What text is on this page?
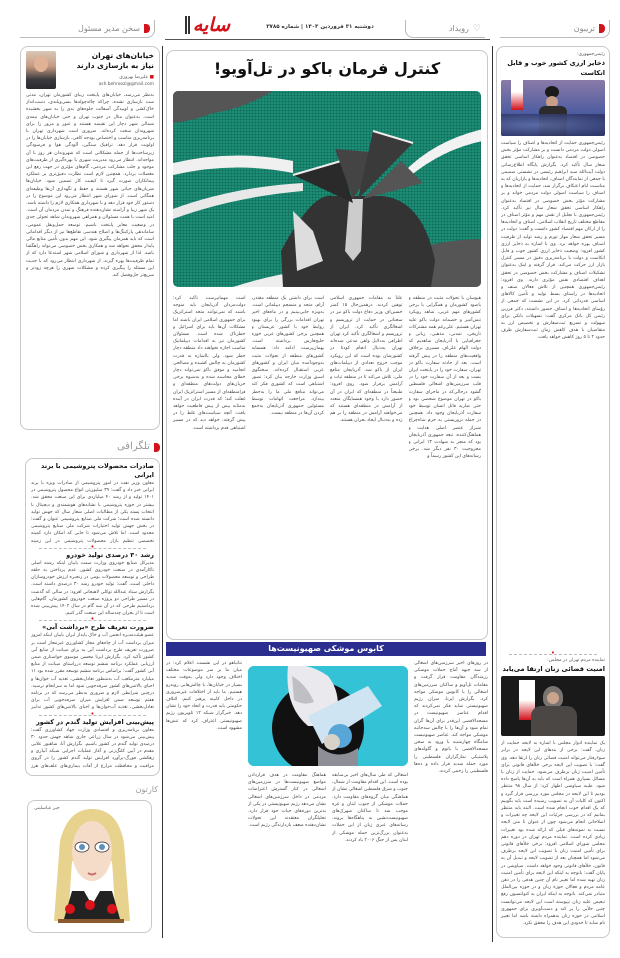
تریبون
♡
رویداد
دوشنبه ۳۱ فروردین ۱۴۰۳ | شماره ۳۷۸۵
سایه
سخن مدیر مسئول
خیابان‌های تهران
نیاز به بازسازی دارند
■ علیرضا بهروزی
ash.behroozi@gmail.com
به‌نظر می‌رسد، خیابان‌های پایتخت زیبای کشورمان تهران، مدتی ست بازسازی نشده، چراکه چاله‌چوله‌ها بسی‌وبلندی، دست‌انداز خاک‌کشی و لوبیدگی آسفالت جلوه‌های بدی را به شهر بخشیده است. به‌عنوان مثال در جنوب تهران و حتی خیابان‌های نیمه‌ی شمالی شهر دچار این نقیصه هستند و عبور و مرور را برای شهروندان سخت کرده‌اند. ضروری است شهرداری تهران با برنامه‌ریزی مناسب و اختصاص بودجه کافی، بازسازی خیابان‌ها را در اولویت قرار دهد. ترافیک سنگین، آلودگی هوا و فرسودگی زیرساخت‌ها از جمله مشکلاتی است که شهروندان هر روز با آن مواجه‌اند. انتظار می‌رود مدیریت شهری با بهره‌گیری از ظرفیت‌های موجود و جلب مشارکت مردمی، گام‌های مؤثری در جهت رفع این معضلات بردارد. همچنین لازم است نظارت دقیق‌تری بر عملکرد پیمانکاران صورت گیرد تا کیفیت کار تضمین شود. خیابان‌ها شریان‌های حیاتی شهر هستند و حفظ و نگهداری آن‌ها وظیفه‌ای همگانی است. از شورای شهر انتظار می‌رود این موضوع را در دستور کار خود قرار دهد و با شهرداری همکاری لازم را داشته باشد. یک شهر زیبا و آراسته نشان‌دهنده فرهنگ و تمدن مردمان آن است. امید است با همت مسئولان و همراهی شهروندان شاهد تحولی جدی در وضعیت معابر پایتخت باشیم. توسعه حمل‌ونقل عمومی، ساماندهی پارکینگ‌ها و اصلاح هندسی تقاطع‌ها نیز از دیگر اقداماتی است که باید همزمان پیگیری شود. این مهم بدون تأمین منابع مالی پایدار محقق نخواهد شد و همکاری بخش خصوصی می‌تواند راهگشا باشد. لذا از شهرداری و شورای اسلامی شهر استدعا دارد که از تمام ظرفیت‌ها بهره گیرند. از شهرداری انتظار می‌رود که با جدیت این مسئله را پیگیری کرده و مشکلات شهری را هرچه زودتر و سریع‌تر حل‌وفصل کند.
تلگرافی
صادرات محصولات پتروشیمی با برند ایرانی
معاون وزیر نفت در امور پتروشیمی از صادرات ویژه با برند ایرانی خبر داد و گفت: ۳۹ میلیون‌تن انواع محصول پتروشیمی در ۱۴۰۱ تولید و از رشد ۴۰ میلیاردی برای این صنعت محقق شد. بیشتر در حوزه پتروشیمی با نشانه‌های هوشمندی و دیجیتال با انتخاب پسته یکی از مطالبات اصلی شعار سال که جهش تولید دانسته شده است؛ شرکت ملی صنایع پتروشیمی عنوان و گفت: در بخش جهش تولید اختیارات شرکت ملی صنایع پتروشیمی محدود است. اما تلاش می‌شود تا جایی که امکان دارد کمیته تخصصی تنظیم بازار محصولات پتروشیمی در این زمینه
•
رشد ۳۰ درصدی تولید خودرو
مدیرکل صنایع خودروی وزارت صمت باییان اینکه رشته اصلی ناکارآمدی در صنعت خودروی کشور، عدم پرداختن به حلقه طراحی و توسعه محصولات بومی در زنجیره ارزش خودروسازان داخلی است، گفت: تولید خودرو رشد ۳۰ درصدی داشته است. بگزارش ستاد عبدالله توکلی لاهیجانی افزود: در سالی که گذشت در مسیر طراحی دو پروژه صنعت خودروی کشورمان، گام‌هایی برداشتیم طرحی که در آن سه گام در سال ۱۴۰۲ پیش‌بینی شده است تا از بحران چندساله این صنعت گذر کنیم.
•
ضرورت تعریف طرح «برداشت آبی»
عضو هیئت‌مدیره انجمن آب و خاک پایدار ایران باییان اینکه امروز میزان برداشت آب از چاه‌های مجاز کشاورزی غیرمجاز است بر ضرورت تعریف طرح برداشت آبی به برای صیانت از منابع آبی کشور تأکید کرد. بگزارش ایرنا محسن موسوی خواستاری ضمن ارزیابی عملکرد برنامه ششم توسعه درراستای صیانت از منابع آبی کشور گفت: براساس برنامه ششم توسعه مقرر شده بود ۱۱ میلیارد مترمکعب آب به‌منظور تعادل‌بخشی، تغذیه آب خوان‌ها و احیای بالانس‌های کشور صرفه‌جویی شود اما به سرانجام نرسید. درچنین شرایطی لازم و ضروری به‌نظر می‌رسد که در برنامه هفتم توسعه ضمن افزایش میزان صرفه‌جویی آب برای تعادل‌بخشی، تغذیه آب‌خوان‌ها و احیای بالانس‌های کشور تدابیر
•
پیش‌بینی افزایش تولید گندم در کشور
معاون برنامه‌ریزی و اقتصادی وزارت جهاد کشاورزی گفت: پیش‌بینی می‌شود در سال زراعی جاری شاهد جهش حدود ۳۰ درصدی تولید گندم در کشور باشیم. بگزارش آنا، شاهبور علایی مقدم در آیین کلنگ‌زنی و آغاز عملیات اجرایی شبکه آبیاری و زهکشی فورگ-برآورد افزایش تولید گندم کشور را در گروی مراقبت و محافظت مزارع از آفات بیماری‌های علف‌های هرز
کارتون
جبر عباسلینی
کنترل فرمان باکو در تل‌آویو!
هیوسان با تحولات مثبت در منطقه و باصود کشورمان و همگرایی با برخی کشورهای مهم عربی، شاهد رویکرد تنش‌آمیز و خصمانه دولت باکو علیه تهران هستیم. علی‌رغم همه مشترکات تاریخی، تمدنی، مذهبی، زبانی و جغرافیایی با آذربایجان شاهدیم که دولت الهام علی‌اف مسیری برخلاف واقعیت‌های منطقه را در پیش گرفته است. بعد از حادثه سفارت باکو در تهران، سفارت خود را در پایتخت ایران بست و بعد از آن سفارت خود را در قلب سرزمین‌های اشغالی فلسطین گشود درحالی‌که در ماجرای سفارت باکو در تهران موضوع شخصی بود و حتی ضاربه قاتل انسان توسط خود سفارت آذربایجان وجود داد. همچنین در حمله تروریستی به حرم شاه‌چراغ شیراز عنصر اصلی هدایت و هماهنگ‌کننده، تبعه جمهوری آذربایجان بود که منجر به شهادت ۱۳ ایرانی و مجروحیت ۳۰ نفر دیگر شد. برخی رسانه‌های این کشور رسماً و
علناً به مقامات جمهوری اسلامی توهین کردند. درهمین‌حال ۱۵ کمتر حسین‌اف وزیر دفاع دولت باکو نیز در سخنانی در حمایت از تروریسم و اشغالگری تأکید کرد. ایران از تروریسم و اشغالگری تأکید کرد تهران اطرافی به‌دلایل واهی مدعی شده‌اند تهران به‌دنبال انجام کودتا در کشورشان بوده است که این رویکرد موجب خروج تعدادی از دیپلمات‌های ایران از باکو شد. آذربایجان منافع ملی، تلاش می‌کند تا در منطقه ثبات و آرامش برقرار شود. روی افزود: طبیعتاً در منطقه‌ای که ایران در آن حضور دارد با وجود همسایگان متعدد از آرامش در منطقه‌ای هستند که می‌خواهند آرامش در منطقه را بر هم زده و به‌دنبال ایجاد بحران هستند.
است برای داشتن یک منطقه مقتدر، آرام، متحد و منسجم دیپلماتی است. به‌ویژه جایی‌بینیم و در ماه‌های اخیر تهران اقدامات بزرگی را برای بهبود روابط خود با کشور عربستان و همچنین برخی کشورهای عربی حوزه خلیج‌فارس برداشته است. بهمان‌پرست ادامه داد: همسایه کشورهای منطقه از تحولات مثبت به‌وجودآمده میان ایران و کشورهای عربی استقبال کرده‌اند. سخنگوی اسبق وزارت خارجه بیان کرد: تصور اشتباهی است که کشوری فکر کند می‌تواند منافع ملی ما را به‌خطر بیندازد. مراجعت اتهامات توسط مسئولین جمهوری آذربایجان به‌جمع کردن آن‌ها در منطقه نیست.
است مهمانپرست تأکید کرد: دولت‌مردان آذربایجان باید متوجه باشند که نمی‌توانند متحد استراتژیک برای جمهوری اسلامی ایران باشند اما مشکلات آن‌ها باید برای اسرائیل و خطرناک شده است. مسئولان کشورمان نیز به اقدامات دیپلماتیک مناسب اجازه نخواهند داد منطقه دچار خطر شود. ولی بااشاره به قدرت کشورمان به چالش کشیده و مصالحی انجامید و موفق باکو نمی‌تواند دچار خطای محاسبه شده و به‌شیوه برخی جریان‌های دولت‌های منطقه‌ای و فرامنطقه‌ای از مسیر استراتژیک ایران غفلت کند؛ که قدرت ایران در آینده به‌مثابه بیش از پیش قاطعیت خواهد یافت. آنچه سیاست‌های غلط را در پیش گرفته، خواهد دید که در مسیر اشتباهی قدم برداشته است.
کابوس موشکی صهیونیست‌ها
در روزهای اخیر سرزمین‌های اشغالی از سه جبهه آماج حملات موشکی رزمندگان مقاومت قرار گرفت و مقامات تل‌آویو و ساکنان سرزمین‌های اشغالی را با کابوس موشکی مواجه کرد. بگزارش ایرنا، سران رژیم صهیونیستی شاید فکر نمی‌کردند که اقدام عناصر صهیونیست در مسجدالاقصی این‌قدر برای آن‌ها گران تمام شود و آن‌ها را با چالش سه‌جانبه موشکی مواجه کند. عناصر صهیونیست شامگاه چهارشنبه با ورود به صحن مسجدالاقصی با باتوم و گلوله‌های پلاستیکی نمازگزاران فلسطینی را مورد حمله شدید قرار داده و ده‌ها فلسطینی را زخمی کردند.
اشغالی که طی سال‌های اخیر بی‌سابقه بوده است. این اقدام مقاومت از شمال، جنوب و شرق فلسطین اشغالی نشان از هماهنگی میان گروه‌های مقاومت دارد. حملات موشکی از جنوب لبنان و غزه موجب شد تا ساکنان شهرک‌های صهیونیست‌نشین به پناهگاه‌ها بروند. رسانه‌های عبری زبان از این حملات به‌عنوان بزرگ‌ترین حمله موشکی از لبنان پس از جنگ ۲۰۰۶ یاد کردند.
هماهنگ مقاومت در هدف قراردادن مواضع صهیونیست‌ها در سرزمین‌های اشغالی در کنار گسترش اعتراضات مردمی در داخل سرزمین‌های اشغالی نشان می‌دهد رژیم صهیونیستی در یکی از بدترین دوره‌های حیات خود قرار دارد. تحلیلگران معتقدند این تحولات نشان‌دهنده ضعف بازدارندگی رژیم است.
نتانیاهو در این نشست اعلام کرد: در میان ما بر سر موضوعات مختلف اختلاف وجود دارد ولی به‌وقت شدید بسیار در خیابان‌ها، با چالش‌هایی روبه‌رو هستیم. ما باید از اختلافات غیرضروری در داخل کابینه پرهیز کنیم. ائتلاف حکومتی باید قدرت و اتحاد خود را نشان دهد. خبرگزار شبکه ۱۲ تلویزیون رژیم صهیونیستی اعتراف کرد که تنش‌ها مشهود است.
رئیس‌جمهوری:
ذخایر ارزی کشور خوب و قابل اتکاست
رئیس‌جمهوری حمایت از اتحادیه‌ها و اصناف را سیاست اصولی دولت مردمی دانست و بر مشارکت مؤثر بخش خصوصی در اقتصاد به‌عنوان راهکار اساسی تحقق شعار سال تأکید کرد. بگزارش پایگاه اطلاع‌رسانی دولت آیت‌الله سید ابراهیم رئیسی در نشستی صمیمی با جمعی از نمایندگان اصناف، اتحادیه‌ها و بازاریان که به مناسبت ایام اعتکاف برگزار شد، حمایت از اتحادیه‌ها و اصناف را سیاست اصولی دولت مردمی خواند و بر مشارکت مؤثر بخش خصوصی در اقتصاد به‌عنوان راهکار اساسی تحقق شعار سال نیز تأکید کرد. رئیس‌جمهوری با تجلیل از نقش مهم و مؤثر اصناف در مقاطع مختلف تاریخ انقلاب اسلامی، اصناف و اتحادیه‌ها را از ارکان مهم اقتصاد کشور دانست و گفت: دولت در مسیر تحقق شعار مهار تورم و رشد تولید از ظرفیت اصناف بهره خواهد برد. وی با اشاره به ذخایر ارزی کشور افزود: وضعیت ذخایر ارزی کشور خوب و قابل اتکاست و دولت با برنامه‌ریزی دقیق در مسیر کنترل بازار ارز حرکت می‌کند. قرار گرفته و اینک به‌عنوان تشکیلات اصناف و مشارکت بخش خصوصی در تحقق اهداف اقتصادی نقش مؤثری دارند. وی افزود: رئیس‌جمهوری همچنین از تلاش فعالان صنف و اتحادیه‌ها در راستای بسط تولید و تأمین کالاهای اساسی قدردانی کرد. در این نشست که جمعی از رؤسای اتحادیه‌ها و اصناف حضور داشتند، دکتر فرزین رئیس کل بانک مرکزی گفت: تسهیلات بانکی برای سهولت و تسریع ثبت‌سفارش و تخصیص ارز به متقاضیان با هدف کاهش زمان ثبت‌سفارش ظرف حدود ۲ تا ۵ روز کاهش خواهد یافت.
•
نماینده مردم تهران در مجلس:
امنیت قضائی زنان ارتقا می‌یابد
یک نماینده ادوار مجلس با اشاره به لایحه حمایت از زنان، گفت: برخی از بندهای این لایحه در برابر سوءرفتار می‌تواند امنیت قضائی زنان را ارتقا دهد. وی گفت: با تصویب این لایحه برخی خلأهای قانونی برای تأمین امنیت زنان برطرف می‌شود. حمایت از زنان با مسائل بسیاری همراه است که باید به آن‌ها پاسخ داده شود. طیبه سیاوشی اظهار کرد: از سال ۹۸ منتظر بودیم تا این لایحه در مجلس مورد بررسی قرار گیرد و اکنون که کلیات آن به تصویب رسیده است باید بگوییم که یک اقدام خوب انجام شده است. البته باید منتظر بمانیم که در بررسی جزئیات این لایحه چه تغییرات و اصلاحاتی انجام می‌شود چون از عنوان تا متن لایحه نسبت به نمونه‌های قبلی که ارائه شده بود تغییرات زیادی کرده است. نماینده مردم تهران در دوره دهم مجلس شورای اسلامی افزود: برخی خلأهای قانونی برای تأمین امنیت زنان با تصویب این لایحه برطرف می‌شود اما همچنان بعد از تصویب لایحه و تبدیل آن به قانون، خلأهای قانونی وجود خواهد داشت. سیاوشی در پایان گفت: باتوجه به اینکه این لایحه برای تأمین امنیت زنان تهیه شده اما تغییر نام آن چنین هدفی را در ذهن عامه مردم و فعالان حوزه زنان و در حوزه بین‌الملل متبادر نمی‌کند. باتوجه به اینکه ایران به کنوانسیون رفع تبعیض علیه زنان نپیوسته است این لایحه می‌توانست چنین خلأیی را پر کند و دست‌آویزی برای جمهوری اسلامی در حوزه زنان به‌همراه داشته باشد اما تغییر نام شاید تا حدودی این هدف را محقق نکرد.
